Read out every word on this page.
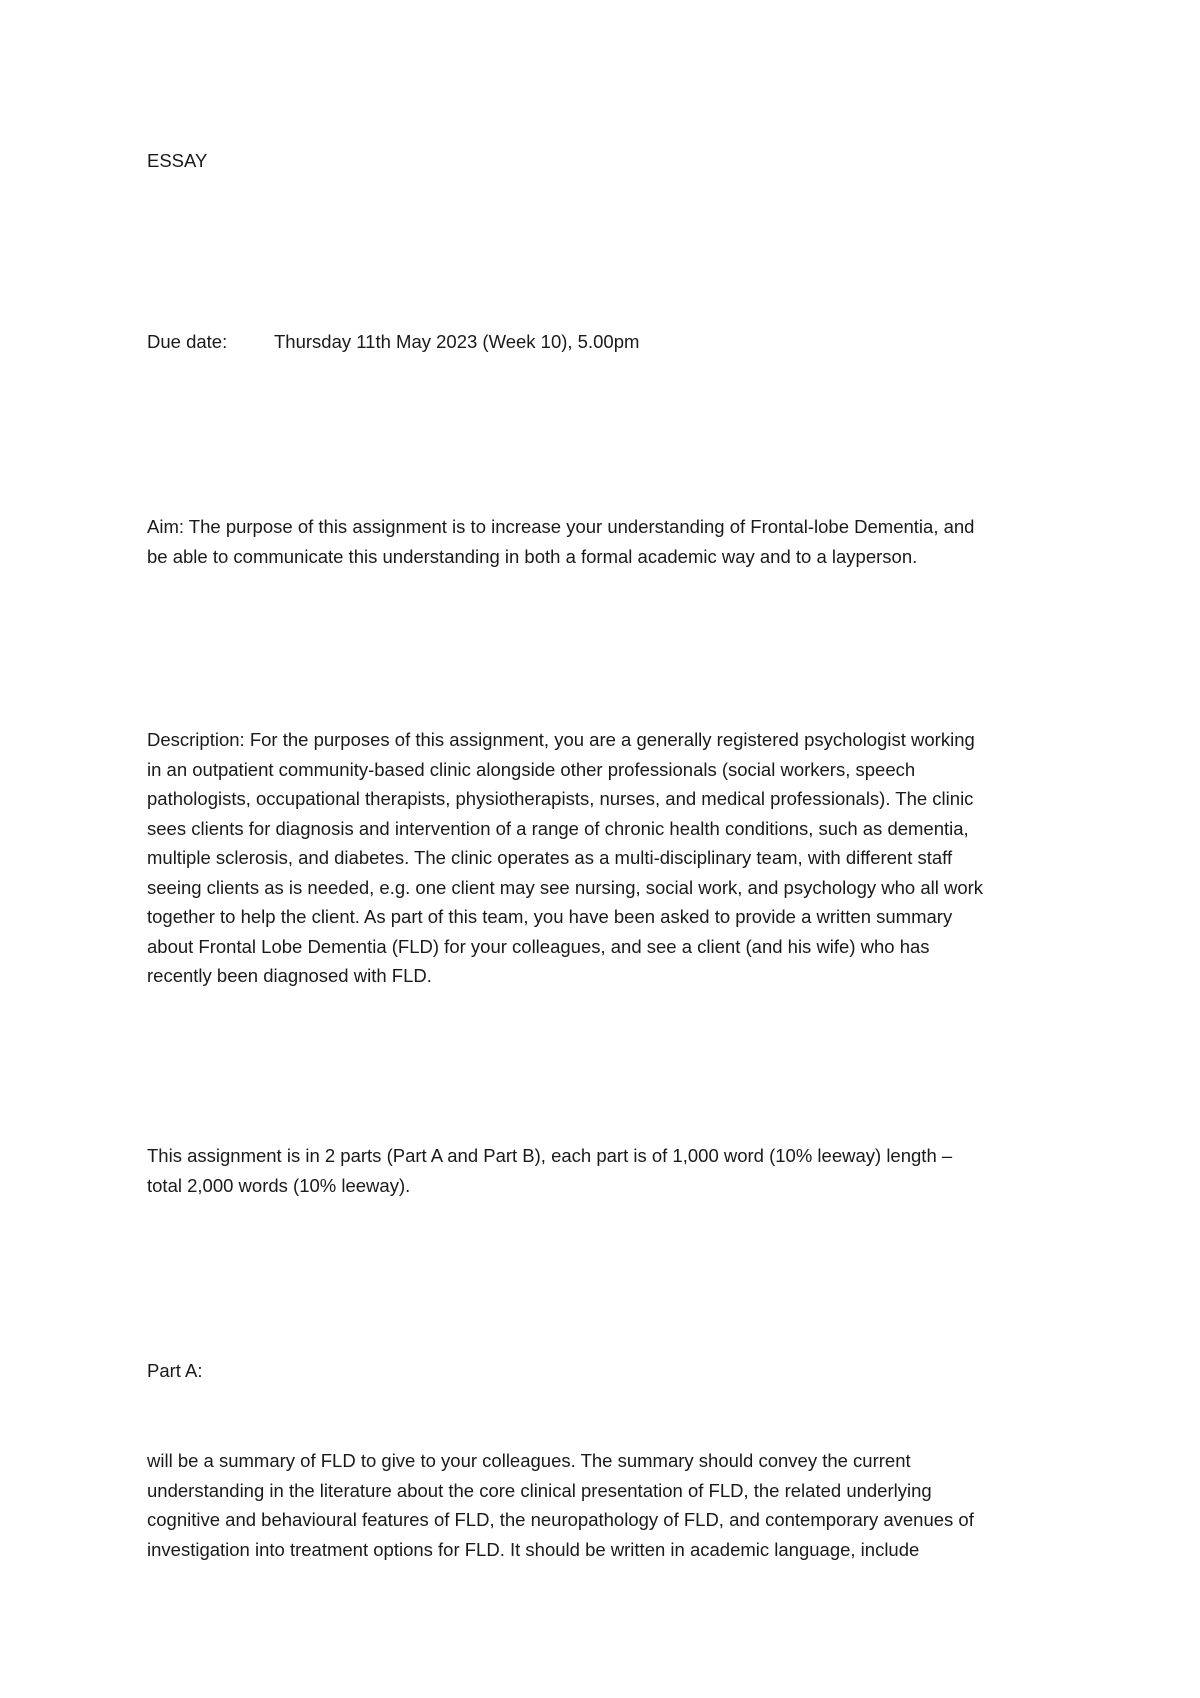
ESSAY

Due date:	Thursday 11th May 2023 (Week 10), 5.00pm

Aim: The purpose of this assignment is to increase your understanding of Frontal-lobe Dementia, and
be able to communicate this understanding in both a formal academic way and to a layperson.

Description: For the purposes of this assignment, you are a generally registered psychologist working
in an outpatient community-based clinic alongside other professionals (social workers, speech
pathologists, occupational therapists, physiotherapists, nurses, and medical professionals). The clinic
sees clients for diagnosis and intervention of a range of chronic health conditions, such as dementia,
multiple sclerosis, and diabetes. The clinic operates as a multi-disciplinary team, with different staff
seeing clients as is needed, e.g. one client may see nursing, social work, and psychology who all work
together to help the client. As part of this team, you have been asked to provide a written summary
about Frontal Lobe Dementia (FLD) for your colleagues, and see a client (and his wife) who has
recently been diagnosed with FLD.

This assignment is in 2 parts (Part A and Part B), each part is of 1,000 word (10% leeway) length –
total 2,000 words (10% leeway).

Part A:

will be a summary of FLD to give to your colleagues. The summary should convey the current
understanding in the literature about the core clinical presentation of FLD, the related underlying
cognitive and behavioural features of FLD, the neuropathology of FLD, and contemporary avenues of
investigation into treatment options for FLD. It should be written in academic language, include
